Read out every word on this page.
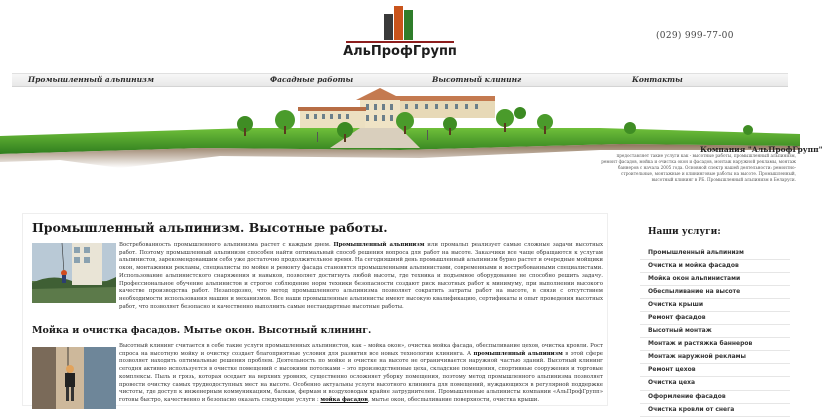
АльПрофГрупп
(029) 999-77-00
Промышленный альпинизм	Фасадные работы	Высотный клининг	Контакты
Компания "АльПрофГрупп"
предоставляет такие услуги как - высотные работы, промышленный альпинизм, ремонт фасадов, мойка и очистка окон и фасадов, монтаж наружной рекламы, монтаж баннеров с начала 2005 года. Основной спектр нашей деятельности: ремонтно-строительные, монтажные и клининговые работы на высоте. Промышленный, высотный клининг в РБ. Промышленный альпинизм в Беларуси.
Промышленный альпинизм. Высотные работы.
Востребованность промышленного альпинизма растет с каждым днем. Промышленный альпинизм или промальп реализует самые сложные задачи высотных работ. Поэтому промышленный альпинизм способен найти оптимальный способ решения вопроса для работ на высоте. Заказчики все чаще обращаются к услугам альпинистов, зарекомендовавшим себя уже достаточно продолжительное время. На сегодняшний день промышленный альпинизм бурно растет и очередные мойщики окон, монтажники рекламы, специалисты по мойке и ремонту фасада становятся промышленными альпинистами, современными и востребованными специалистами. Использование альпинистского снаряжения и навыков, позволяет достигнуть любой высоты, где техника и подъемное оборудование не способно решить задачу. Профессиональное обучение альпинистов и строгое соблюдение норм техники безопасности создают риск высотных работ к минимуму, при выполнении высокого качестве производства работ. Незаподозно, что метод промышленного альпинизма позволяет сократить затраты работ на высоте, в связи с отсутствием необходимости использования машин и механизмов. Все наши промышленные альпинисты имеют высокую квалификацию, сертификаты и опыт проведения высотных работ, что позволяет безопасно и качественно выполнить самые нестандартные высотные работы.
Мойка и очистка фасадов. Мытье окон. Высотный клининг.
Высотный клининг считается в себе такие услуги промышленных альпинистов, как – мойка окон», очистка мойка фасада, обеспыливание цехов, очистка кровли. Рост спроса на высотную мойку и очистку создает благоприятные условия для развития все новых технологии клининга. А промышленный альпинизм в этой сфере позволяет находить оптимальные решения проблем. Деятельность по мойке и очистке на высоте не ограничивается наружной частью зданий. Высотный клининг сегодня активно используется в очистке помещений с высокими потолками – это производственные цеха, складские помещения, спортивные сооружения и торговые комплексы. Пыль и грязь, которая оседает на верхних уровнях, существенно осложняет уборку помещения, поэтому метод промышленного альпинизма позволяет провести очистку самых труднодоступных мест на высоте. Особенно актуальны услуги высотного клининга для помещений, нуждающихся в регулярной поддержке чистоты, где доступ к инженерным коммуникациям, балкам, фермам и воздуховодам крайне затруднителен. Промышленные альпинисты компании «АльПрофГрупп» готовы быстро, качественно и безопасно оказать следующие услуги : мойка фасадов, мытье окон, обеспыливание поверхности, очистка крыши.
Наши услуги:
Промышленный альпинизм
Очистка и мойка фасадов
Мойка окон альпинистами
Обеспыливание на высоте
Очистка крыши
Ремонт фасадов
Высотный монтаж
Монтаж и растяжка баннеров
Монтаж наружной рекламы
Ремонт цехов
Очистка цеха
Оформление фасадов
Очистка кровли от снега
